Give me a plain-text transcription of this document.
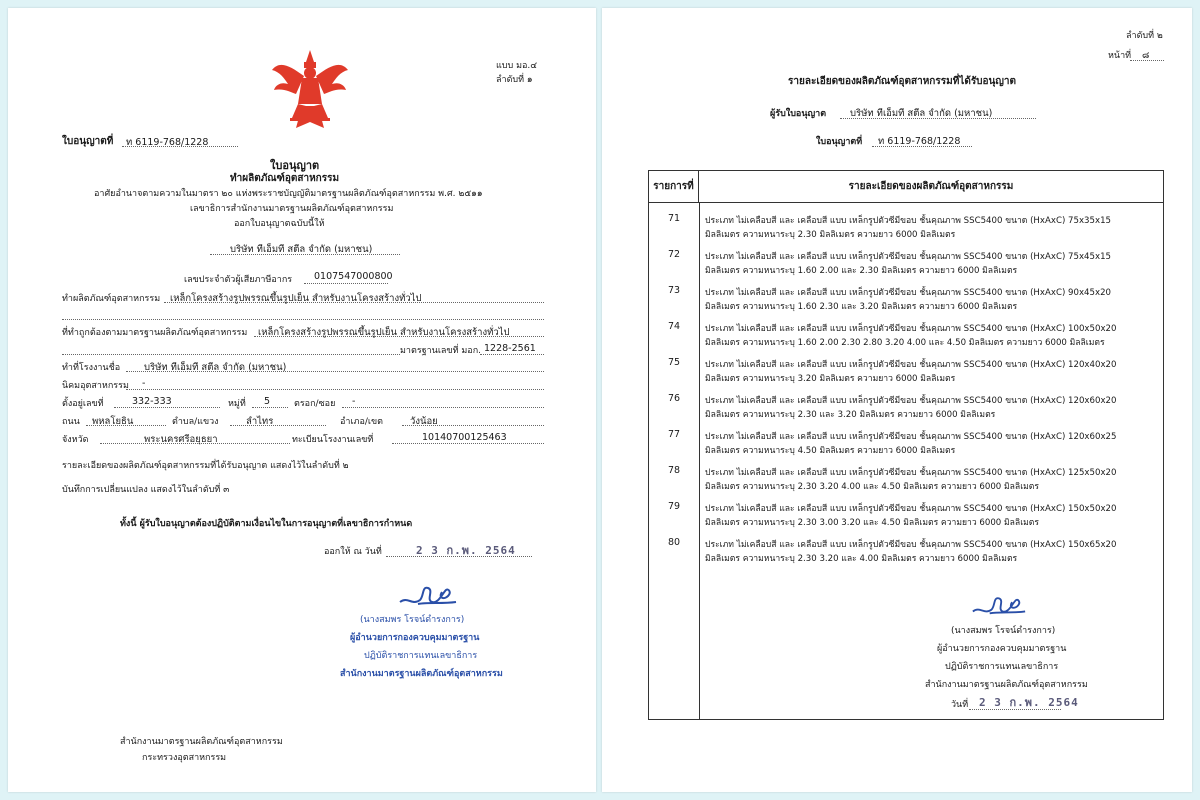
แบบ มอ.๔
ลำดับที่ ๑
ใบอนุญาตที่ ท 6119-768/1228
ใบอนุญาต
ทำผลิตภัณฑ์อุตสาหกรรม
อาศัยอำนาจตามความในมาตรา ๒๐ แห่งพระราชบัญญัติมาตรฐานผลิตภัณฑ์อุตสาหกรรม พ.ศ. ๒๕๑๑
เลขาธิการสำนักงานมาตรฐานผลิตภัณฑ์อุตสาหกรรม
ออกใบอนุญาตฉบับนี้ให้
บริษัท ทีเอ็มที สตีล จำกัด (มหาชน)
เลขประจำตัวผู้เสียภาษีอากร 0107547000800
ทำผลิตภัณฑ์อุตสาหกรรม เหล็กโครงสร้างรูปพรรณขึ้นรูปเย็น สำหรับงานโครงสร้างทั่วไป
ที่ทำถูกต้องตามมาตรฐานผลิตภัณฑ์อุตสาหกรรม เหล็กโครงสร้างรูปพรรณขึ้นรูปเย็น สำหรับงานโครงสร้างทั่วไป
มาตรฐานเลขที่ มอก. 1228-2561
ทำที่โรงงานชื่อ	บริษัท ทีเอ็มที สตีล จำกัด (มหาชน)
นิคมอุตสาหกรรม -
ตั้งอยู่เลขที่	332-333	หมู่ที่ 5	ตรอก/ซอย -
ถนน พหลโยธิน	ตำบล/แขวง	ลำไทร	อำเภอ/เขต	วังน้อย
จังหวัด	พระนครศรีอยุธยา	ทะเบียนโรงงานเลขที่	10140700125463
รายละเอียดของผลิตภัณฑ์อุตสาหกรรมที่ได้รับอนุญาต แสดงไว้ในลำดับที่ ๒
บันทึกการเปลี่ยนแปลง แสดงไว้ในลำดับที่ ๓
ทั้งนี้ ผู้รับใบอนุญาตต้องปฏิบัติตามเงื่อนไขในการอนุญาตที่เลขาธิการกำหนด
ออกให้ ณ วันที่	2 3 ก.พ. 2564
(นางสมพร โรจน์ดำรงการ)
ผู้อำนวยการกองควบคุมมาตรฐาน
ปฏิบัติราชการแทนเลขาธิการ
สำนักงานมาตรฐานผลิตภัณฑ์อุตสาหกรรม
สำนักงานมาตรฐานผลิตภัณฑ์อุตสาหกรรม
กระทรวงอุตสาหกรรม
ลำดับที่ ๒
หน้าที่ ๘
รายละเอียดของผลิตภัณฑ์อุตสาหกรรมที่ได้รับอนุญาต
ผู้รับใบอนุญาต	บริษัท ทีเอ็มที สตีล จำกัด (มหาชน)
ใบอนุญาตที่ ท 6119-768/1228
รายการที่	รายละเอียดของผลิตภัณฑ์อุตสาหกรรม
71	ประเภท ไม่เคลือบสี และ เคลือบสี แบบ เหล็กรูปตัวซีมีขอบ ชั้นคุณภาพ SSC5400 ขนาด (HxAxC) 75x35x15
มิลลิเมตร ความหนาระบุ 2.30 มิลลิเมตร ความยาว 6000 มิลลิเมตร
72	ประเภท ไม่เคลือบสี และ เคลือบสี แบบ เหล็กรูปตัวซีมีขอบ ชั้นคุณภาพ SSC5400 ขนาด (HxAxC) 75x45x15
มิลลิเมตร ความหนาระบุ 1.60 2.00 และ 2.30 มิลลิเมตร ความยาว 6000 มิลลิเมตร
73	ประเภท ไม่เคลือบสี และ เคลือบสี แบบ เหล็กรูปตัวซีมีขอบ ชั้นคุณภาพ SSC5400 ขนาด (HxAxC) 90x45x20
มิลลิเมตร ความหนาระบุ 1.60 2.30 และ 3.20 มิลลิเมตร ความยาว 6000 มิลลิเมตร
74	ประเภท ไม่เคลือบสี และ เคลือบสี แบบ เหล็กรูปตัวซีมีขอบ ชั้นคุณภาพ SSC5400 ขนาด (HxAxC) 100x50x20
มิลลิเมตร ความหนาระบุ 1.60 2.00 2.30 2.80 3.20 4.00 และ 4.50 มิลลิเมตร ความยาว 6000 มิลลิเมตร
75	ประเภท ไม่เคลือบสี และ เคลือบสี แบบ เหล็กรูปตัวซีมีขอบ ชั้นคุณภาพ SSC5400 ขนาด (HxAxC) 120x40x20
มิลลิเมตร ความหนาระบุ 3.20 มิลลิเมตร ความยาว 6000 มิลลิเมตร
76	ประเภท ไม่เคลือบสี และ เคลือบสี แบบ เหล็กรูปตัวซีมีขอบ ชั้นคุณภาพ SSC5400 ขนาด (HxAxC) 120x60x20
มิลลิเมตร ความหนาระบุ 2.30 และ 3.20 มิลลิเมตร ความยาว 6000 มิลลิเมตร
77	ประเภท ไม่เคลือบสี และ เคลือบสี แบบ เหล็กรูปตัวซีมีขอบ ชั้นคุณภาพ SSC5400 ขนาด (HxAxC) 120x60x25
มิลลิเมตร ความหนาระบุ 4.50 มิลลิเมตร ความยาว 6000 มิลลิเมตร
78	ประเภท ไม่เคลือบสี และ เคลือบสี แบบ เหล็กรูปตัวซีมีขอบ ชั้นคุณภาพ SSC5400 ขนาด (HxAxC) 125x50x20
มิลลิเมตร ความหนาระบุ 2.30 3.20 4.00 และ 4.50 มิลลิเมตร ความยาว 6000 มิลลิเมตร
79	ประเภท ไม่เคลือบสี และ เคลือบสี แบบ เหล็กรูปตัวซีมีขอบ ชั้นคุณภาพ SSC5400 ขนาด (HxAxC) 150x50x20
มิลลิเมตร ความหนาระบุ 2.30 3.00 3.20 และ 4.50 มิลลิเมตร ความยาว 6000 มิลลิเมตร
80	ประเภท ไม่เคลือบสี และ เคลือบสี แบบ เหล็กรูปตัวซีมีขอบ ชั้นคุณภาพ SSC5400 ขนาด (HxAxC) 150x65x20
มิลลิเมตร ความหนาระบุ 2.30 3.20 และ 4.00 มิลลิเมตร ความยาว 6000 มิลลิเมตร
(นางสมพร โรจน์ดำรงการ)
ผู้อำนวยการกองควบคุมมาตรฐาน
ปฏิบัติราชการแทนเลขาธิการ
สำนักงานมาตรฐานผลิตภัณฑ์อุตสาหกรรม
วันที่ 2 3 ก.พ. 2564
